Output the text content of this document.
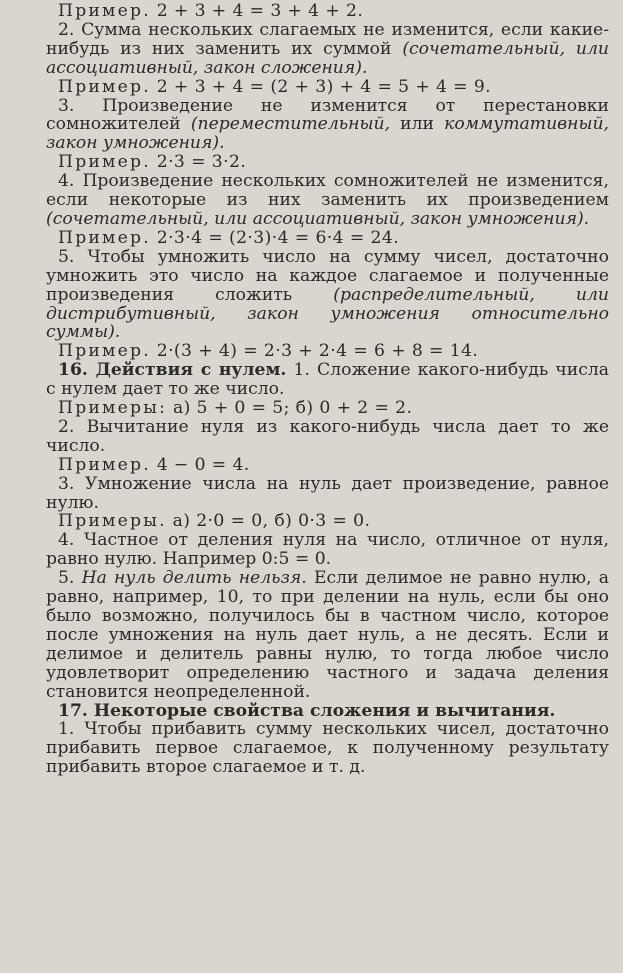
Пример. 2 + 3 + 4 = 3 + 4 + 2.

2. Сумма нескольких слагаемых не изменится, если какие-нибудь из них заменить их суммой (сочетательный, или ассоциативный, закон сложения).

Пример. 2 + 3 + 4 = (2 + 3) + 4 = 5 + 4 = 9.

3. Произведение не изменится от перестановки сомножителей (переместительный, или коммутативный, закон умножения).

Пример. 2·3 = 3·2.

4. Произведение нескольких сомножителей не изменится, если некоторые из них заменить их произведением (сочетательный, или ассоциативный, закон умножения).

Пример. 2·3·4 = (2·3)·4 = 6·4 = 24.

5. Чтобы умножить число на сумму чисел, достаточно умножить это число на каждое слагаемое и полученные произведения сложить (распределительный, или дистрибутивный, закон умножения относительно суммы).

Пример. 2·(3 + 4) = 2·3 + 2·4 = 6 + 8 = 14.

16. Действия с нулем. 1. Сложение какого-нибудь числа с нулем дает то же число.

Примеры: а) 5 + 0 = 5; б) 0 + 2 = 2.

2. Вычитание нуля из какого-нибудь числа дает то же число.

Пример. 4 − 0 = 4.

3. Умножение числа на нуль дает произведение, равное нулю.

Примеры. а) 2·0 = 0, б) 0·3 = 0.

4. Частное от деления нуля на число, отличное от нуля, равно нулю. Например 0:5 = 0.

5. На нуль делить нельзя. Если делимое не равно нулю, а равно, например, 10, то при делении на нуль, если бы оно было возможно, получилось бы в частном число, которое после умножения на нуль дает нуль, а не десять. Если и делимое и делитель равны нулю, то тогда любое число удовлетворит определению частного и задача деления становится неопределенной.

17. Некоторые свойства сложения и вычитания.

1. Чтобы прибавить сумму нескольких чисел, достаточно прибавить первое слагаемое, к полученному результату прибавить второе слагаемое и т. д.
